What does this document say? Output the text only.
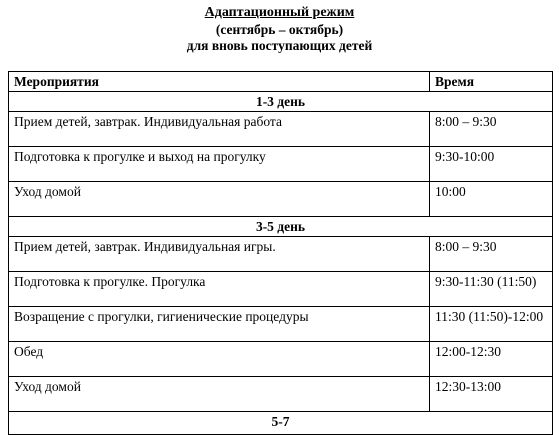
Адаптационный режим
(сентябрь – октябрь)
для вновь поступающих детей
Мероприятия	Время
1-3 день	
Прием детей, завтрак. Индивидуальная работа	8:00 – 9:30
Подготовка к прогулке и выход на прогулку	9:30-10:00
Уход домой	10:00
3-5 день	
Прием детей, завтрак. Индивидуальная игры.	8:00 – 9:30
Подготовка к прогулке. Прогулка	9:30-11:30 (11:50)
Возращение с прогулки, гигиенические процедуры	11:30 (11:50)-12:00
Обед	12:00-12:30
Уход домой	12:30-13:00
5-7	
